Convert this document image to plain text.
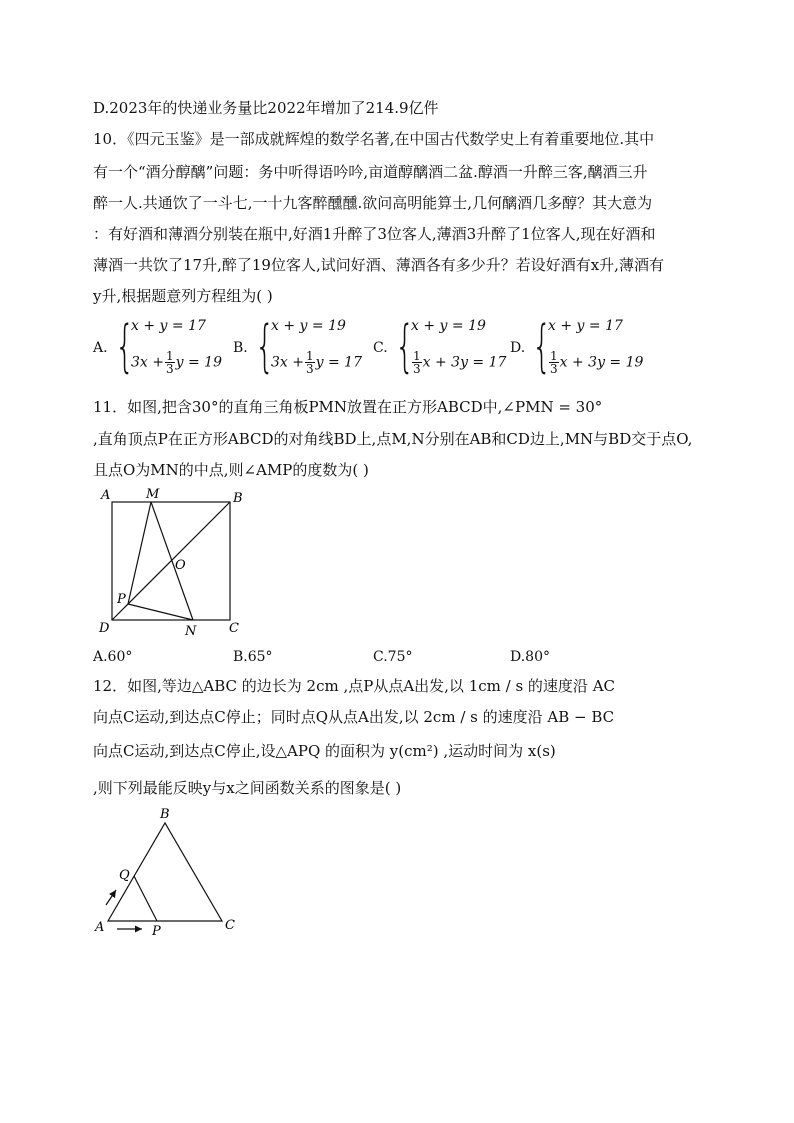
D.2023年的快递业务量比2022年增加了214.9亿件
10．《四元玉鉴》是一部成就辉煌的数学名著,在中国古代数学史上有着重要地位.其中
有一个“酒分醇醨”问题：务中听得语吟吟,亩道醇醨酒二盆.醇酒一升醉三客,醨酒三升
醉一人.共通饮了一斗七,一十九客醉醺醺.欲问高明能算士,几何醨酒几多醇？其大意为
：有好酒和薄酒分别装在瓶中,好酒1升醉了3位客人,薄酒3升醉了1位客人,现在好酒和
薄酒一共饮了17升,醉了19位客人,试问好酒、薄酒各有多少升？若设好酒有x升,薄酒有
y升,根据题意列方程组为( )
A. {
x + y = 17
$3x + \frac{1}{3}$ y = 19
B. {
x + y = 19
$3x + \frac{1}{3}$ y = 17
C. {
x + y = 19
$\frac{1}{3}$ x + 3y = 17
D. {
x + y = 17
$\frac{1}{3}$ x + 3y = 19
11．如图,把含30°的直角三角板PMN放置在正方形ABCD中,∠PMN = 30°
,直角顶点P在正方形ABCD的对角线BD上,点M,N分别在AB和CD边上,MN与BD交于点O,
且点O为MN的中点,则∠AMP的度数为( )
A	M	B
O
P
D	N	C
A.60°	B.65°	C.75°	D.80°
12．如图,等边△ABC 的边长为 2cm ,点P从点A出发,以 1cm / s 的速度沿 AC
向点C运动,到达点C停止；同时点Q从点A出发,以 2cm / s 的速度沿 AB − BC
向点C运动,到达点C停止,设△APQ 的面积为 y(cm²) ,运动时间为 x(s)
,则下列最能反映y与x之间函数关系的图象是( )
B
Q
A	P	C
